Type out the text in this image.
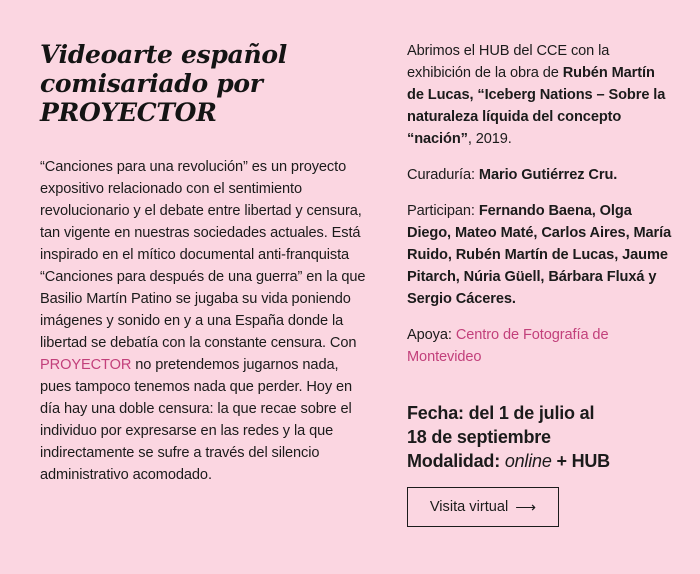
Videoarte español
comisariado por
PROYECTOR

“Canciones para una revolución” es un proyecto expositivo relacionado con el sentimiento revolucionario y el debate entre libertad y censura, tan vigente en nuestras sociedades actuales. Está inspirado en el mítico documental anti-franquista “Canciones para después de una guerra” en la que Basilio Martín Patino se jugaba su vida poniendo imágenes y sonido en y a una España donde la libertad se debatía con la constante censura. Con PROYECTOR no pretendemos jugarnos nada, pues tampoco tenemos nada que perder. Hoy en día hay una doble censura: la que recae sobre el individuo por expresarse en las redes y la que indirectamente se sufre a través del silencio administrativo acomodado.

Abrimos el HUB del CCE con la exhibición de la obra de Rubén Martín de Lucas, “Iceberg Nations – Sobre la naturaleza líquida del concepto “nación”, 2019.

Curaduría: Mario Gutiérrez Cru.

Participan: Fernando Baena, Olga Diego, Mateo Maté, Carlos Aires, María Ruido, Rubén Martín de Lucas, Jaume Pitarch, Núria Güell, Bárbara Fluxá y Sergio Cáceres.

Apoya: Centro de Fotografía de Montevideo

Fecha: del 1 de julio al
18 de septiembre
Modalidad: online + HUB

Visita virtual ⟶
